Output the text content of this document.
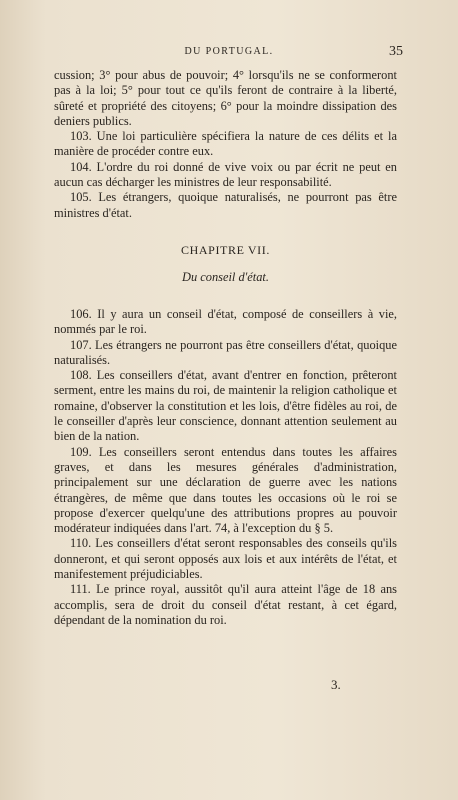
DU PORTUGAL.	35

cussion; 3° pour abus de pouvoir; 4° lorsqu'ils ne se conformeront pas à la loi; 5° pour tout ce qu'ils feront de contraire à la liberté, sûreté et propriété des citoyens; 6° pour la moindre dissipation des deniers publics.

103. Une loi particulière spécifiera la nature de ces délits et la manière de procéder contre eux.

104. L'ordre du roi donné de vive voix ou par écrit ne peut en aucun cas décharger les ministres de leur responsabilité.

105. Les étrangers, quoique naturalisés, ne pourront pas être ministres d'état.

CHAPITRE VII.
Du conseil d'état.

106. Il y aura un conseil d'état, composé de conseillers à vie, nommés par le roi.

107. Les étrangers ne pourront pas être conseillers d'état, quoique naturalisés.

108. Les conseillers d'état, avant d'entrer en fonction, prêteront serment, entre les mains du roi, de maintenir la religion catholique et romaine, d'observer la constitution et les lois, d'être fidèles au roi, de le conseiller d'après leur conscience, donnant attention seulement au bien de la nation.

109. Les conseillers seront entendus dans toutes les affaires graves, et dans les mesures générales d'administration, principalement sur une déclaration de guerre avec les nations étrangères, de même que dans toutes les occasions où le roi se propose d'exercer quelqu'une des attributions propres au pouvoir modérateur indiquées dans l'art. 74, à l'exception du § 5.

110. Les conseillers d'état seront responsables des conseils qu'ils donneront, et qui seront opposés aux lois et aux intérêts de l'état, et manifestement préjudiciables.

111. Le prince royal, aussitôt qu'il aura atteint l'âge de 18 ans accomplis, sera de droit du conseil d'état restant, à cet égard, dépendant de la nomination du roi.

3.
